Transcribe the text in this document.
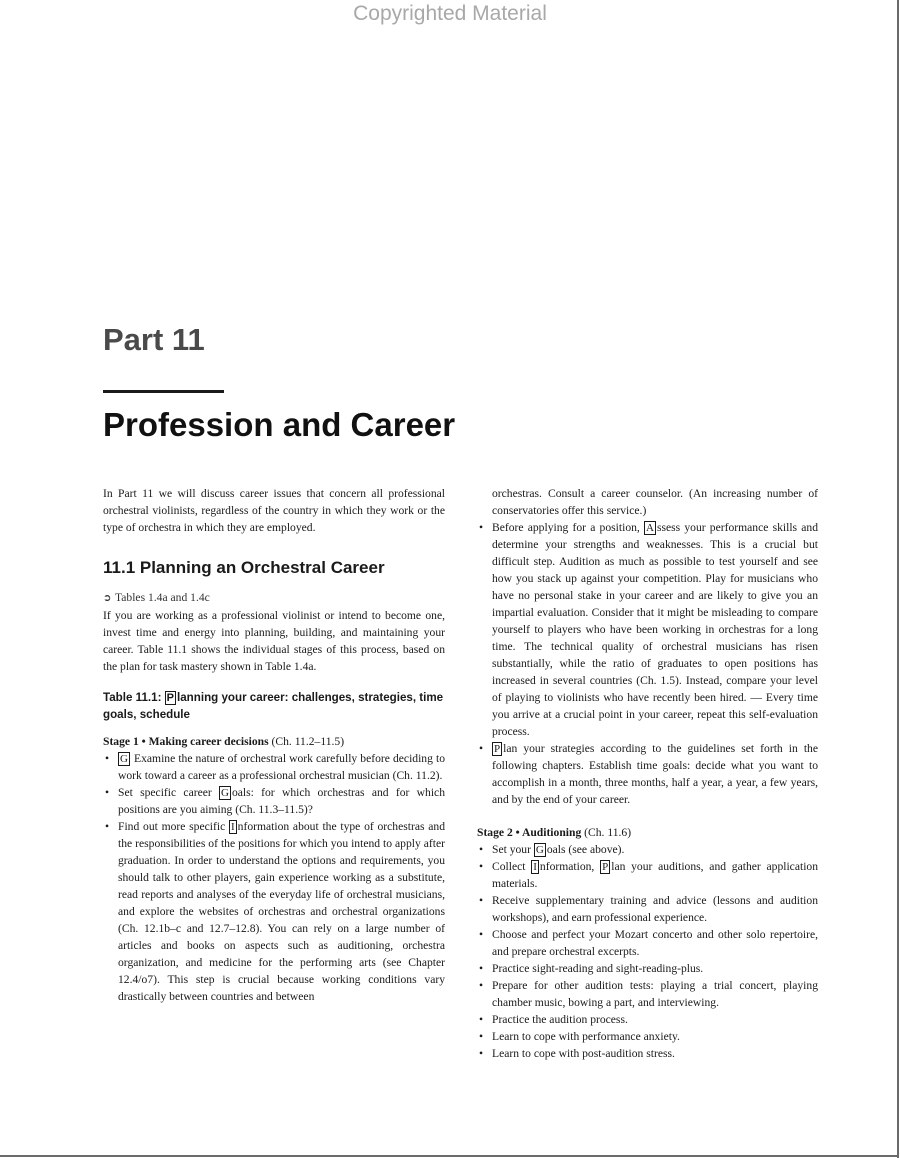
Copyrighted Material
Part 11
Profession and Career

In Part 11 we will discuss career issues that concern all professional orchestral violinists, regardless of the country in which they work or the type of orchestra in which they are employed.

11.1 Planning an Orchestral Career

➲ Tables 1.4a and 1.4c

If you are working as a professional violinist or intend to become one, invest time and energy into planning, building, and maintaining your career. Table 11.1 shows the individual stages of this process, based on the plan for task mastery shown in Table 1.4a.

Table 11.1: P lanning your career: challenges, strategies, time goals, schedule

Stage 1 • Making career decisions (Ch. 11.2–11.5)

• G Examine the nature of orchestral work carefully before deciding to work toward a career as a professional orchestral musician (Ch. 11.2).
• Set specific career G oals: for which orchestras and for which positions are you aiming (Ch. 11.3–11.5)?
• Find out more specific I nformation about the type of orchestras and the responsibilities of the positions for which you intend to apply after graduation. In order to understand the options and requirements, you should talk to other players, gain experience working as a substitute, read reports and analyses of the everyday life of orchestral musicians, and explore the websites of orchestras and orchestral organizations (Ch. 12.1b–c and 12.7–12.8). You can rely on a large number of articles and books on aspects such as auditioning, orchestra organization, and medicine for the performing arts (see Chapter 12.4/o7). This step is crucial because working conditions vary drastically between countries and between

orchestras. Consult a career counselor. (An increasing number of conservatories offer this service.)

• Before applying for a position, A ssess your performance skills and determine your strengths and weaknesses. This is a crucial but difficult step. Audition as much as possible to test yourself and see how you stack up against your competition. Play for musicians who have no personal stake in your career and are likely to give you an impartial evaluation. Consider that it might be misleading to compare yourself to players who have been working in orchestras for a long time. The technical quality of orchestral musicians has risen substantially, while the ratio of graduates to open positions has increased in several countries (Ch. 1.5). Instead, compare your level of playing to violinists who have recently been hired. — Every time you arrive at a crucial point in your career, repeat this self-evaluation process.
• P lan your strategies according to the guidelines set forth in the following chapters. Establish time goals: decide what you want to accomplish in a month, three months, half a year, a year, a few years, and by the end of your career.

Stage 2 • Auditioning (Ch. 11.6)

• Set your G oals (see above).
• Collect I nformation, P lan your auditions, and gather application materials.
• Receive supplementary training and advice (lessons and audition workshops), and earn professional experience.
• Choose and perfect your Mozart concerto and other solo repertoire, and prepare orchestral excerpts.
• Practice sight-reading and sight-reading-plus.
• Prepare for other audition tests: playing a trial concert, playing chamber music, bowing a part, and interviewing.
• Practice the audition process.
• Learn to cope with performance anxiety.
• Learn to cope with post-audition stress.
